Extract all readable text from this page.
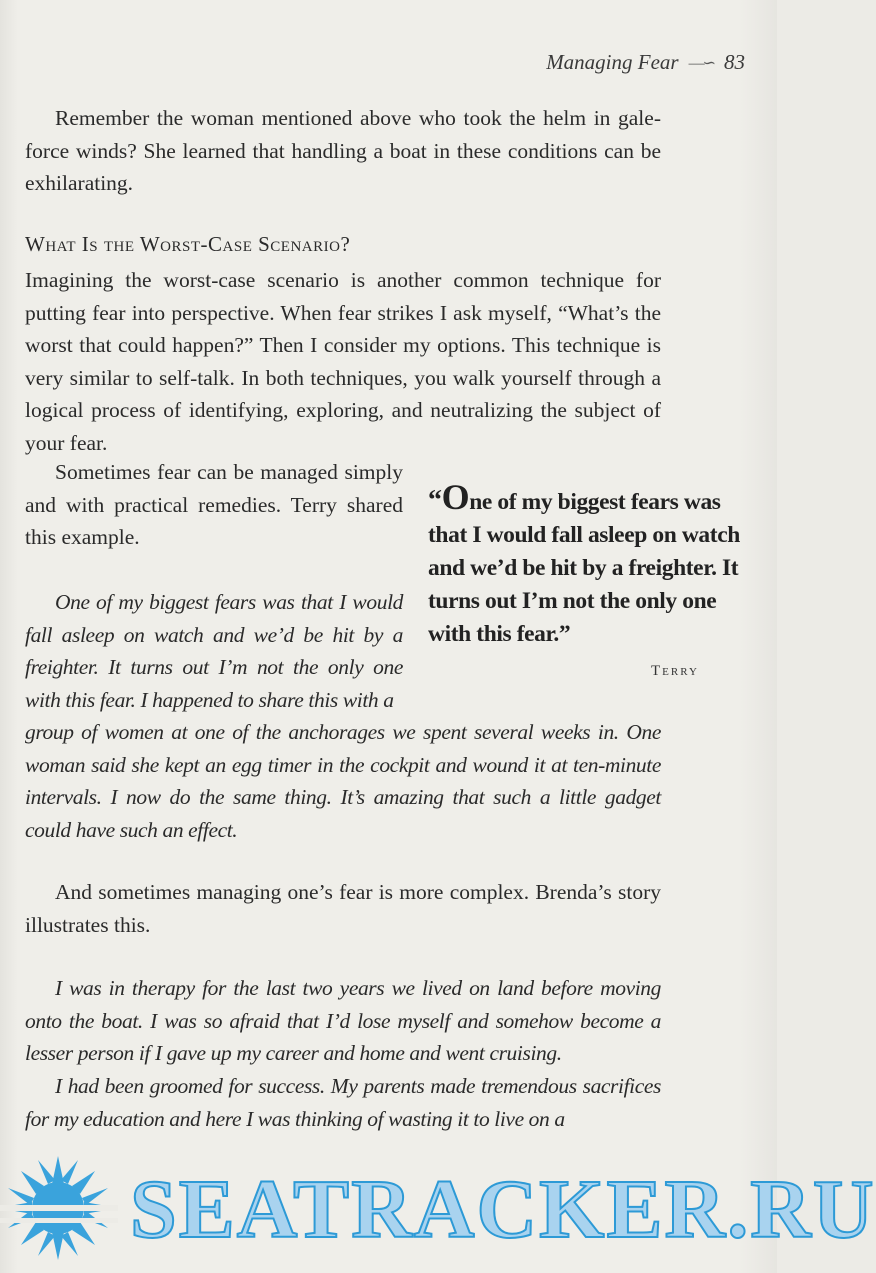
Managing Fear —∽ 83

Remember the woman mentioned above who took the helm in gale-force winds? She learned that handling a boat in these conditions can be exhilarating.

What Is the Worst-Case Scenario?

Imagining the worst-case scenario is another common technique for putting fear into perspective. When fear strikes I ask myself, “What’s the worst that could happen?” Then I consider my options. This technique is very similar to self-talk. In both techniques, you walk yourself through a logical process of identifying, exploring, and neutralizing the subject of your fear.

Sometimes fear can be managed simply and with practical remedies. Terry shared this example.

One of my biggest fears was that I would fall asleep on watch and we’d be hit by a freighter. It turns out I’m not the only one with this fear. I happened to share this with a

group of women at one of the anchorages we spent several weeks in. One woman said she kept an egg timer in the cockpit and wound it at ten-minute intervals. I now do the same thing. It’s amazing that such a little gadget could have such an effect.

And sometimes managing one’s fear is more complex. Brenda’s story illustrates this.

I was in therapy for the last two years we lived on land before moving onto the boat. I was so afraid that I’d lose myself and somehow become a lesser person if I gave up my career and home and went cruising.

I had been groomed for success. My parents made tremendous sacrifices for my education and here I was thinking of wasting it to live on a

“One of my biggest fears was that I would fall asleep on watch and we’d be hit by a freighter. It turns out I’m not the only one with this fear.”
Terry
SEATRACKER.RU
